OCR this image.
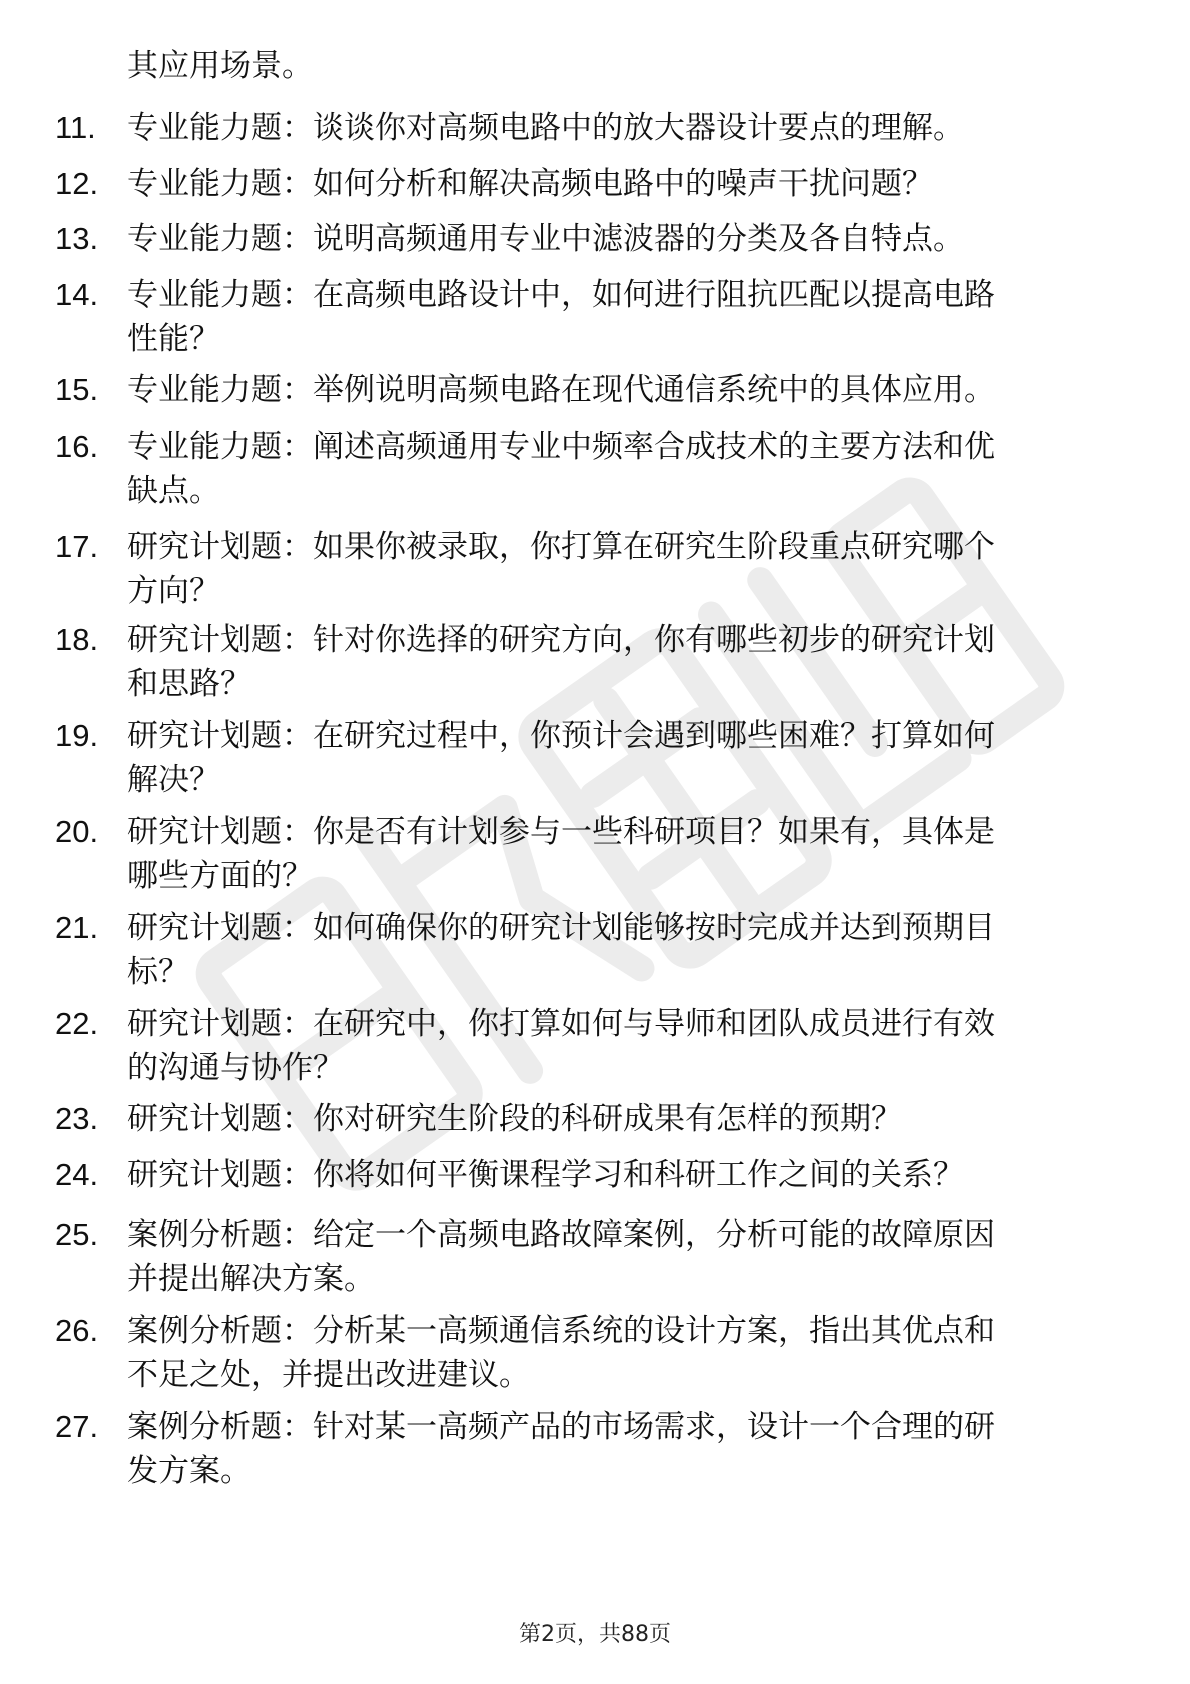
其应用场景。
11. 专业能力题：谈谈你对高频电路中的放大器设计要点的理解。
12. 专业能力题：如何分析和解决高频电路中的噪声干扰问题？
13. 专业能力题：说明高频通用专业中滤波器的分类及各自特点。
14. 专业能力题：在高频电路设计中，如何进行阻抗匹配以提高电路
性能？
15. 专业能力题：举例说明高频电路在现代通信系统中的具体应用。
16. 专业能力题：阐述高频通用专业中频率合成技术的主要方法和优
缺点。
17. 研究计划题：如果你被录取，你打算在研究生阶段重点研究哪个
方向？
18. 研究计划题：针对你选择的研究方向，你有哪些初步的研究计划
和思路？
19. 研究计划题：在研究过程中，你预计会遇到哪些困难？打算如何
解决？
20. 研究计划题：你是否有计划参与一些科研项目？如果有，具体是
哪些方面的？
21. 研究计划题：如何确保你的研究计划能够按时完成并达到预期目
标？
22. 研究计划题：在研究中，你打算如何与导师和团队成员进行有效
的沟通与协作？
23. 研究计划题：你对研究生阶段的科研成果有怎样的预期？
24. 研究计划题：你将如何平衡课程学习和科研工作之间的关系？
25. 案例分析题：给定一个高频电路故障案例，分析可能的故障原因
并提出解决方案。
26. 案例分析题：分析某一高频通信系统的设计方案，指出其优点和
不足之处，并提出改进建议。
27. 案例分析题：针对某一高频产品的市场需求，设计一个合理的研
发方案。
第2页，共88页
